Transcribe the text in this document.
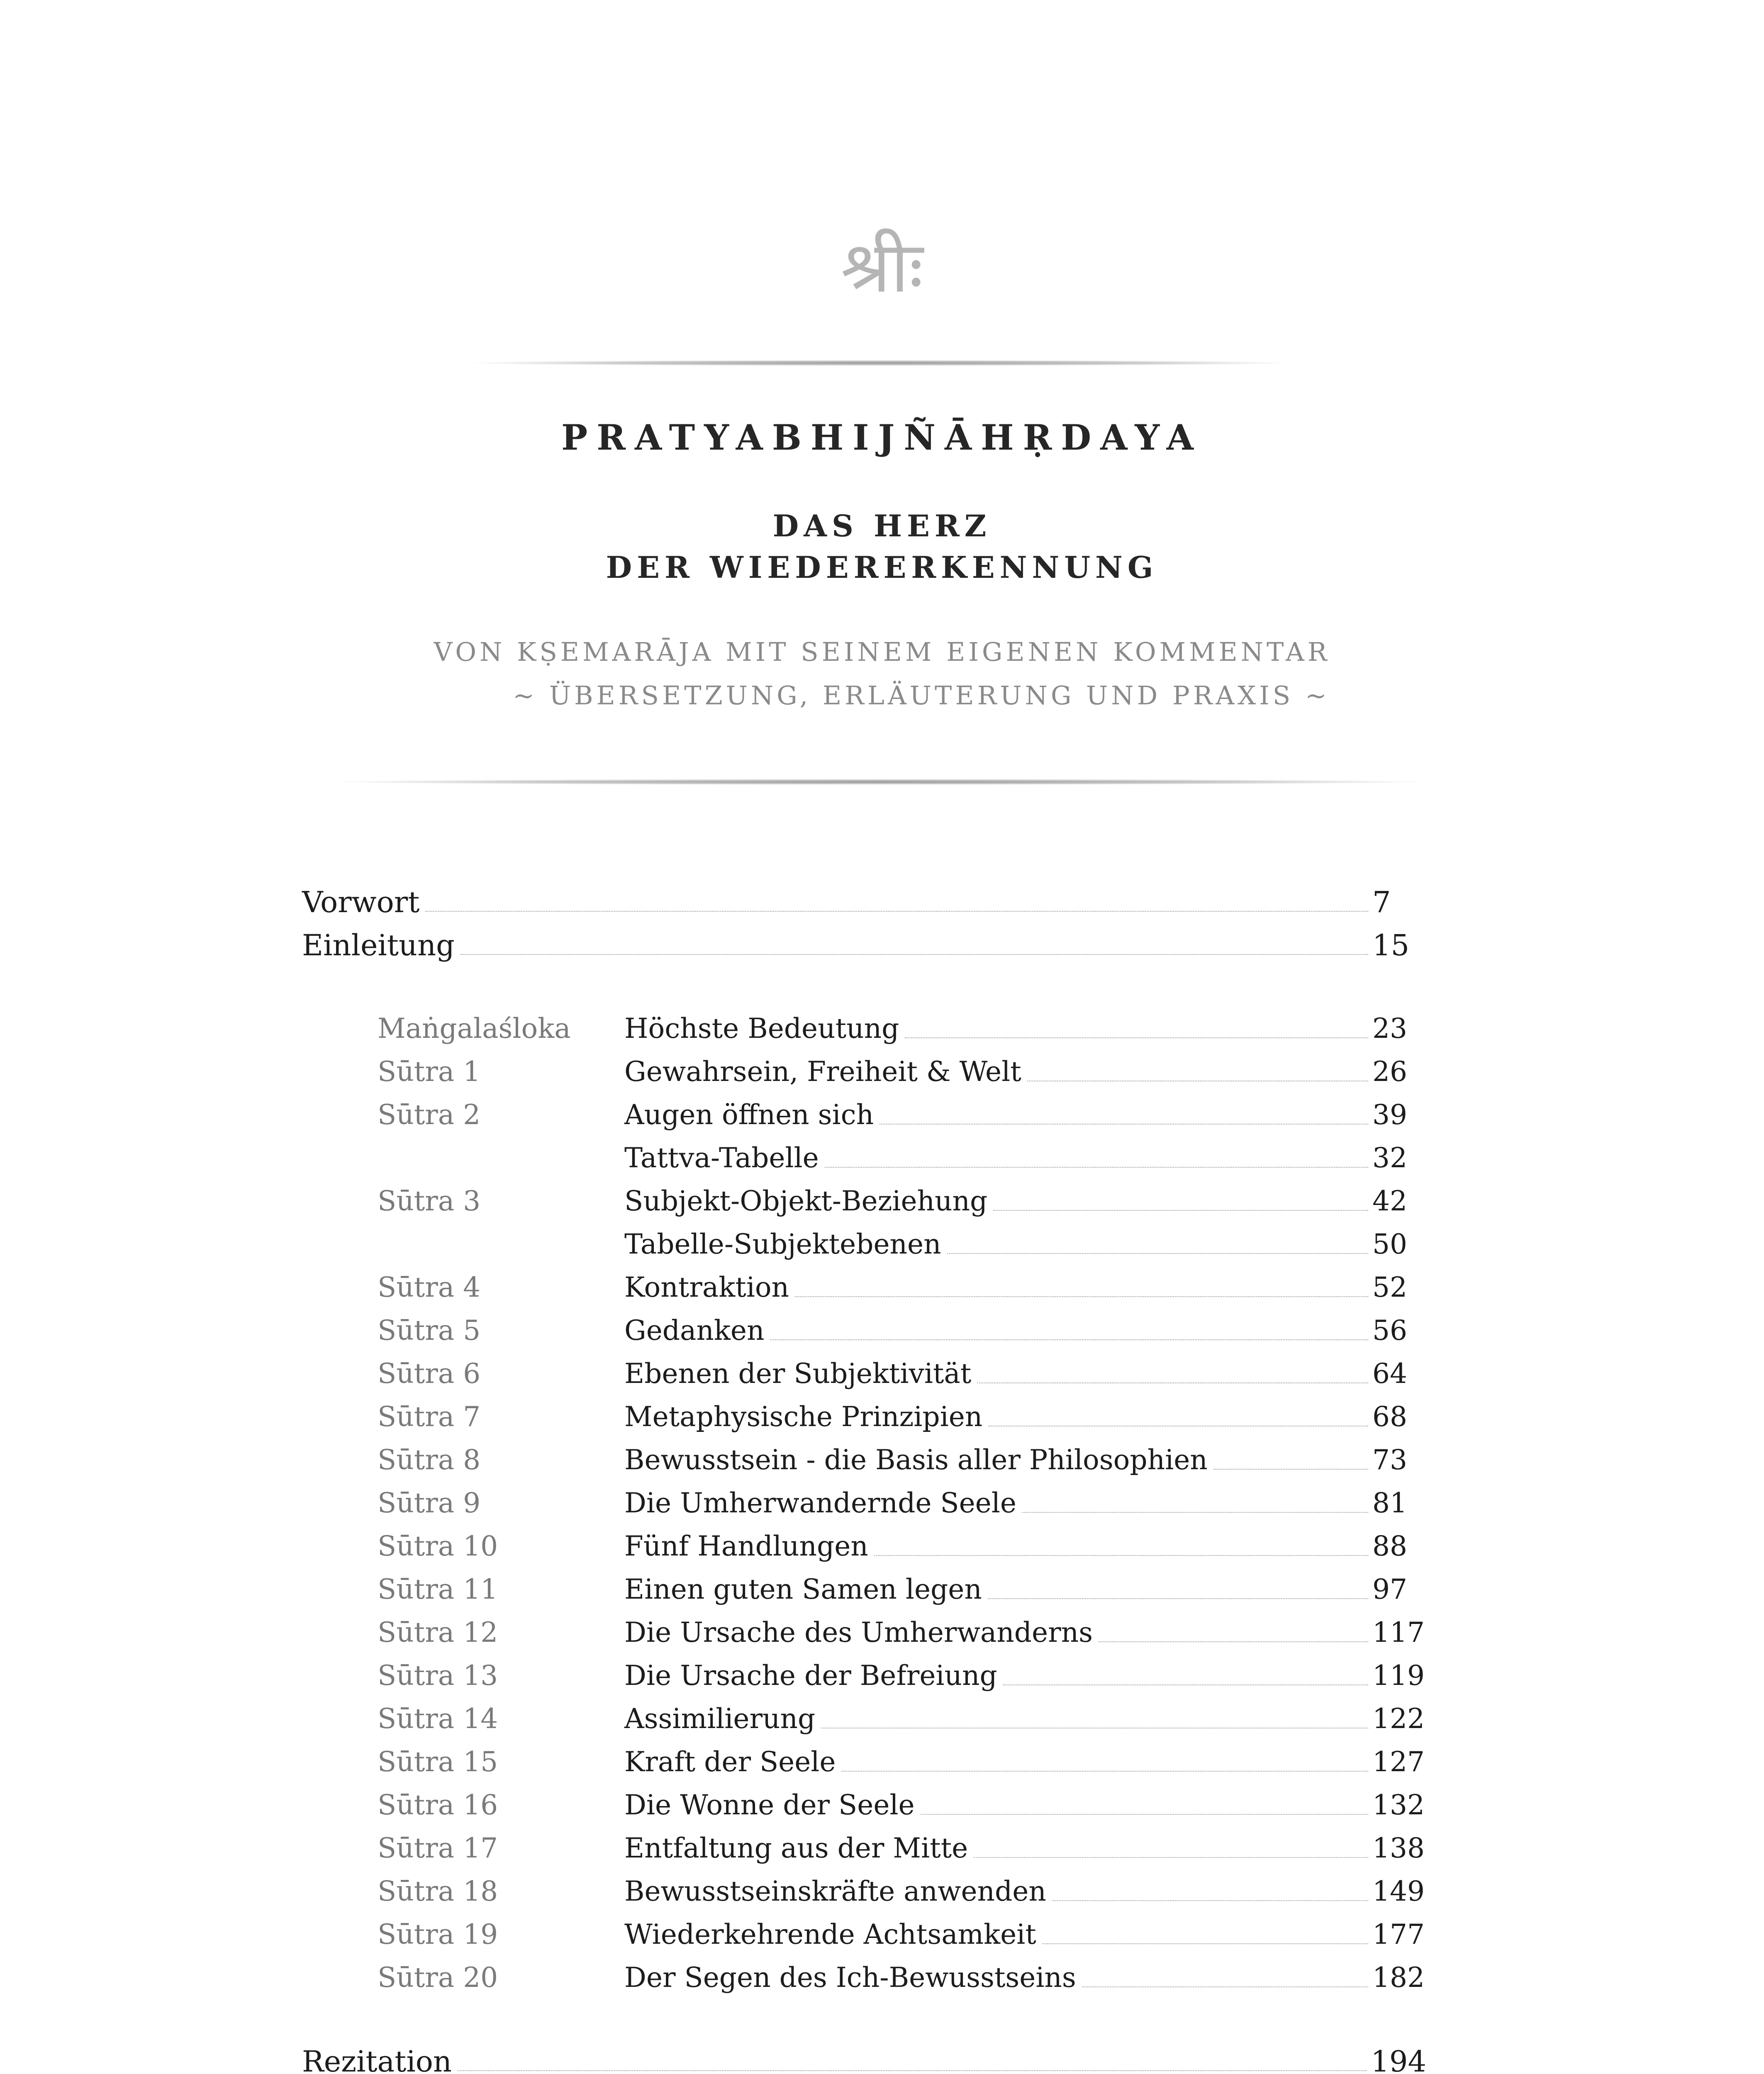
श्रीः
PRATYABHIJÑĀHṚDAYA
DAS HERZ
DER WIEDERERKENNUNG
VON KṢEMARĀJA MIT SEINEM EIGENEN KOMMENTAR
~ ÜBERSETZUNG, ERLÄUTERUNG UND PRAXIS ~
Vorwort	7
Einleitung	15
Maṅgalaśloka Höchste Bedeutung	23
Sūtra 1	Gewahrsein, Freiheit & Welt	26
Sūtra 2	Augen öffnen sich	39
Tattva-Tabelle	32
Sūtra 3	Subjekt-Objekt-Beziehung	42
Tabelle-Subjektebenen	50
Sūtra 4	Kontraktion	52
Sūtra 5	Gedanken	56
Sūtra 6	Ebenen der Subjektivität	64
Sūtra 7	Metaphysische Prinzipien	68
Sūtra 8	Bewusstsein - die Basis aller Philosophien	73
Sūtra 9	Die Umherwandernde Seele	81
Sūtra 10	Fünf Handlungen	88
Sūtra 11	Einen guten Samen legen	97
Sūtra 12	Die Ursache des Umherwanderns	117
Sūtra 13	Die Ursache der Befreiung	119
Sūtra 14	Assimilierung	122
Sūtra 15	Kraft der Seele	127
Sūtra 16	Die Wonne der Seele	132
Sūtra 17	Entfaltung aus der Mitte	138
Sūtra 18	Bewusstseinskräfte anwenden	149
Sūtra 19	Wiederkehrende Achtsamkeit	177
Sūtra 20	Der Segen des Ich-Bewusstseins	182
Rezitation	194
